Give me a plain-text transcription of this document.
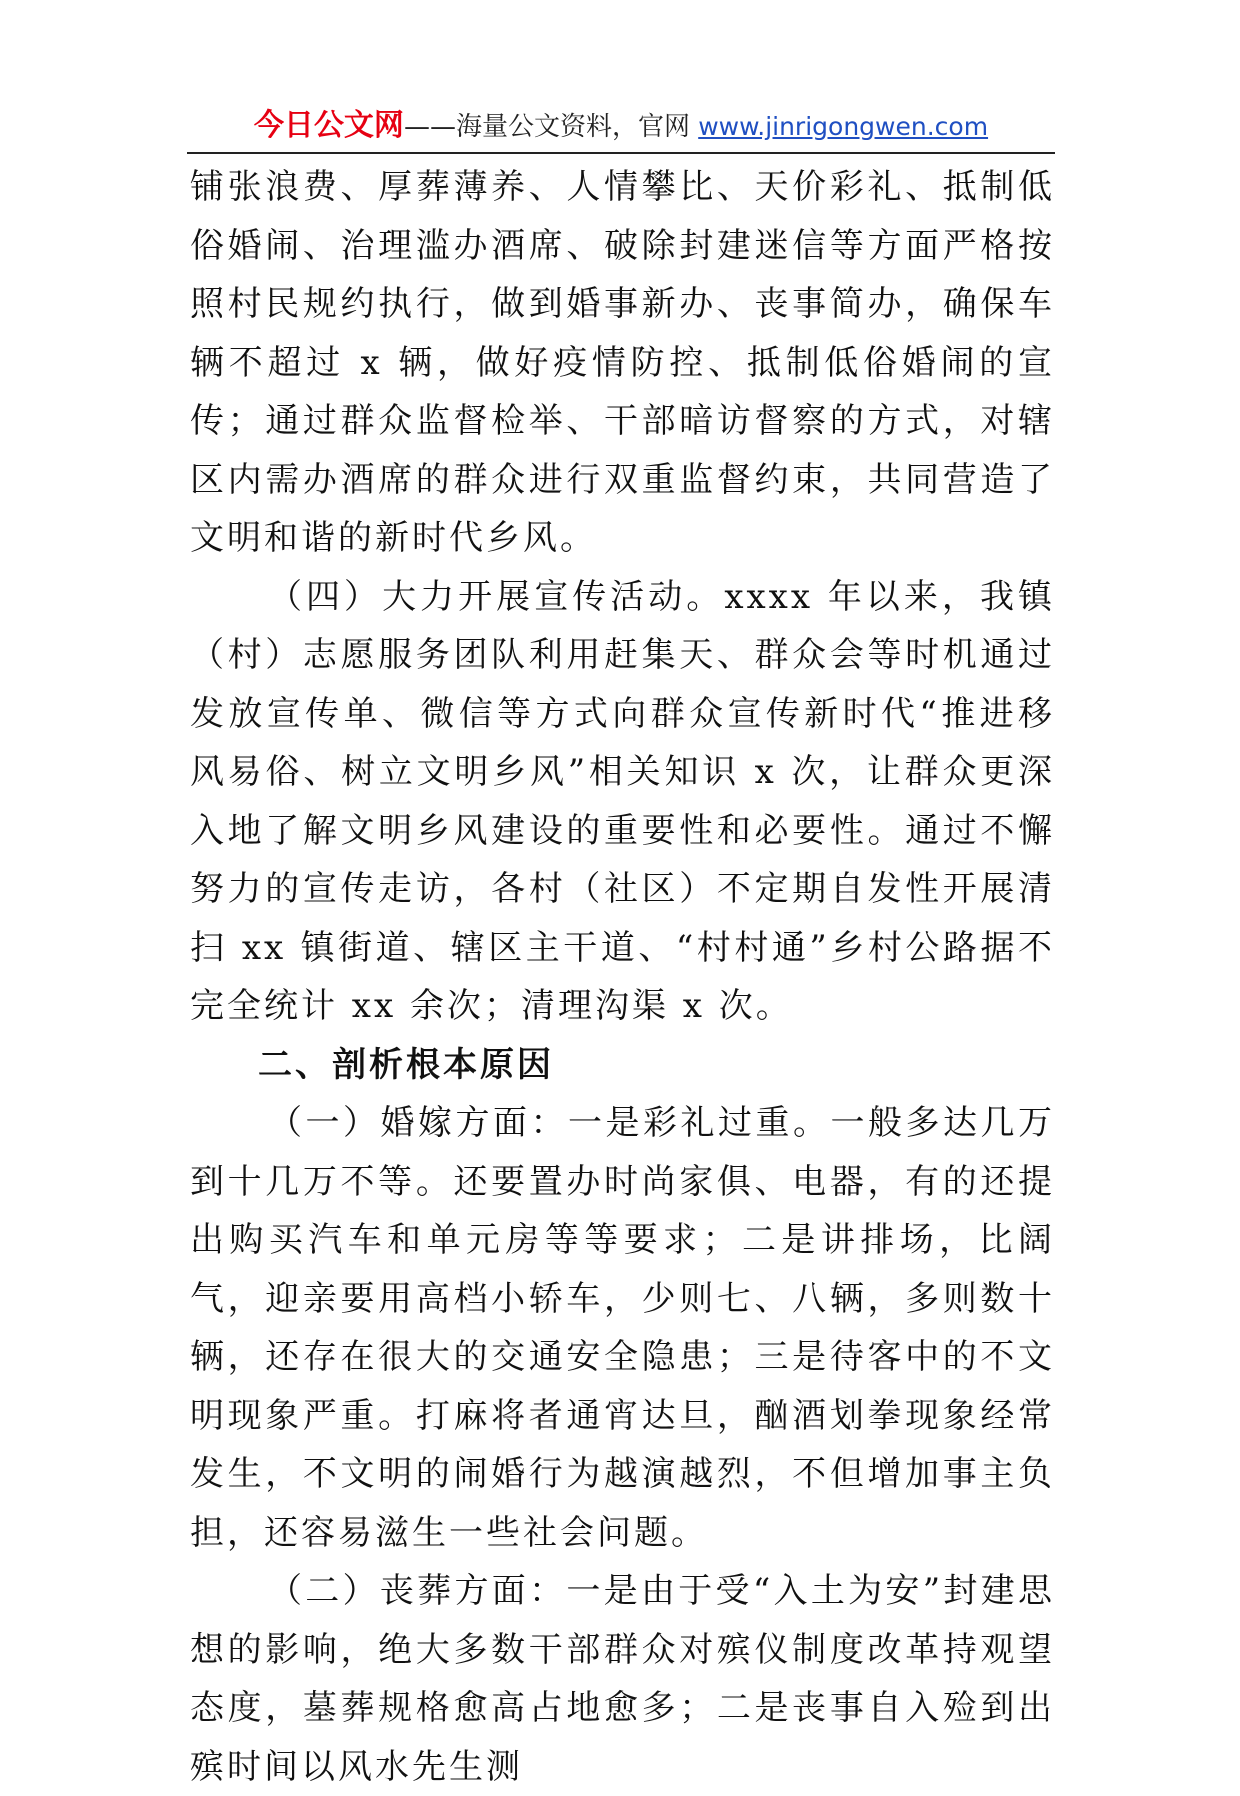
今日公文网——海量公文资料，官网 www.jinrigongwen.com

铺张浪费、厚葬薄养、人情攀比、天价彩礼、抵制低俗婚闹、治理滥办酒席、破除封建迷信等方面严格按照村民规约执行，做到婚事新办、丧事简办，确保车辆不超过 x 辆，做好疫情防控、抵制低俗婚闹的宣传；通过群众监督检举、干部暗访督察的方式，对辖区内需办酒席的群众进行双重监督约束，共同营造了文明和谐的新时代乡风。

（四）大力开展宣传活动。xxxx 年以来，我镇（村）志愿服务团队利用赶集天、群众会等时机通过发放宣传单、微信等方式向群众宣传新时代“推进移风易俗、树立文明乡风”相关知识 x 次，让群众更深入地了解文明乡风建设的重要性和必要性。通过不懈努力的宣传走访，各村（社区）不定期自发性开展清扫 xx 镇街道、辖区主干道、“村村通”乡村公路据不完全统计 xx 余次；清理沟渠 x 次。

二、剖析根本原因

（一）婚嫁方面：一是彩礼过重。一般多达几万到十几万不等。还要置办时尚家俱、电器，有的还提出购买汽车和单元房等等要求；二是讲排场，比阔气，迎亲要用高档小轿车，少则七、八辆，多则数十辆，还存在很大的交通安全隐患；三是待客中的不文明现象严重。打麻将者通宵达旦，酗酒划拳现象经常发生，不文明的闹婚行为越演越烈，不但增加事主负担，还容易滋生一些社会问题。

（二）丧葬方面：一是由于受“入土为安”封建思想的影响，绝大多数干部群众对殡仪制度改革持观望态度，墓葬规格愈高占地愈多；二是丧事自入殓到出殡时间以风水先生测
